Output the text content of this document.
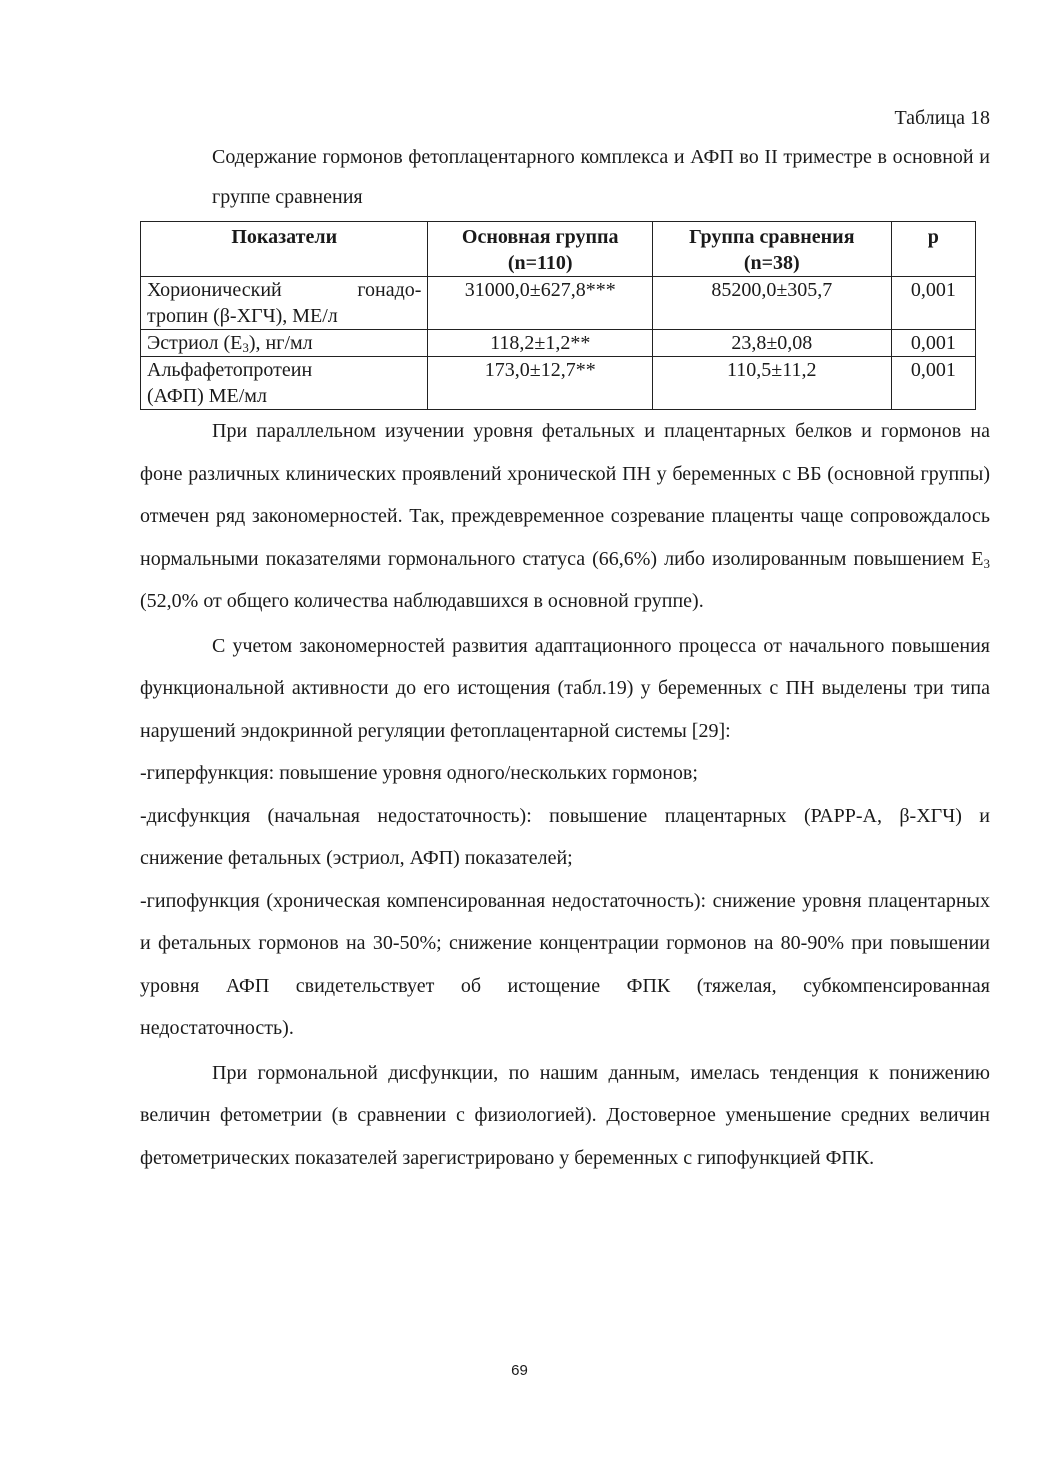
Таблица 18
Содержание гормонов фетоплацентарного комплекса и АФП во II триместре в основной и группе сравнения
Показатели	Основная группа (n=110)	Группа сравнения (n=38)	р

Хорионический гонадо-
тропин (β-ХГЧ), МЕ/л	31000,0±627,8***	85200,0±305,7	0,001
Эстриол $(Е_3)$, нг/мл	118,2±1,2**	23,8±0,08	0,001

Альфафетопротеин
(АФП) МЕ/мл	173,0±12,7**	110,5±11,2	0,001

При параллельном изучении уровня фетальных и плацентарных белков и гормонов на фоне различных клинических проявлений хронической ПН у беременных с ВБ (основной группы) отмечен ряд закономерностей. Так, преждевременное созревание плаценты чаще сопровождалось нормальными показателями гормонального статуса (66,6%) либо изолированным повышением $Е_3$ (52,0% от общего количества наблюдавшихся в основной группе).

С учетом закономерностей развития адаптационного процесса от начального повышения функциональной активности до его истощения (табл.19) у беременных с ПН выделены три типа нарушений эндокринной регуляции фетоплацентарной системы [29]:

-гиперфункция: повышение уровня одного/нескольких гормонов;

-дисфункция (начальная недостаточность): повышение плацентарных (РАРР-А, β-ХГЧ) и снижение фетальных (эстриол, АФП) показателей;

-гипофункция (хроническая компенсированная недостаточность): снижение уровня плацентарных и фетальных гормонов на 30-50%; снижение концентрации гормонов на 80-90% при повышении уровня АФП свидетельствует об истощение ФПК (тяжелая, субкомпенсированная недостаточность).

При гормональной дисфункции, по нашим данным, имелась тенденция к понижению величин фетометрии (в сравнении с физиологией). Достоверное уменьшение средних величин фетометрических показателей зарегистрировано у беременных с гипофункцией ФПК.

69
